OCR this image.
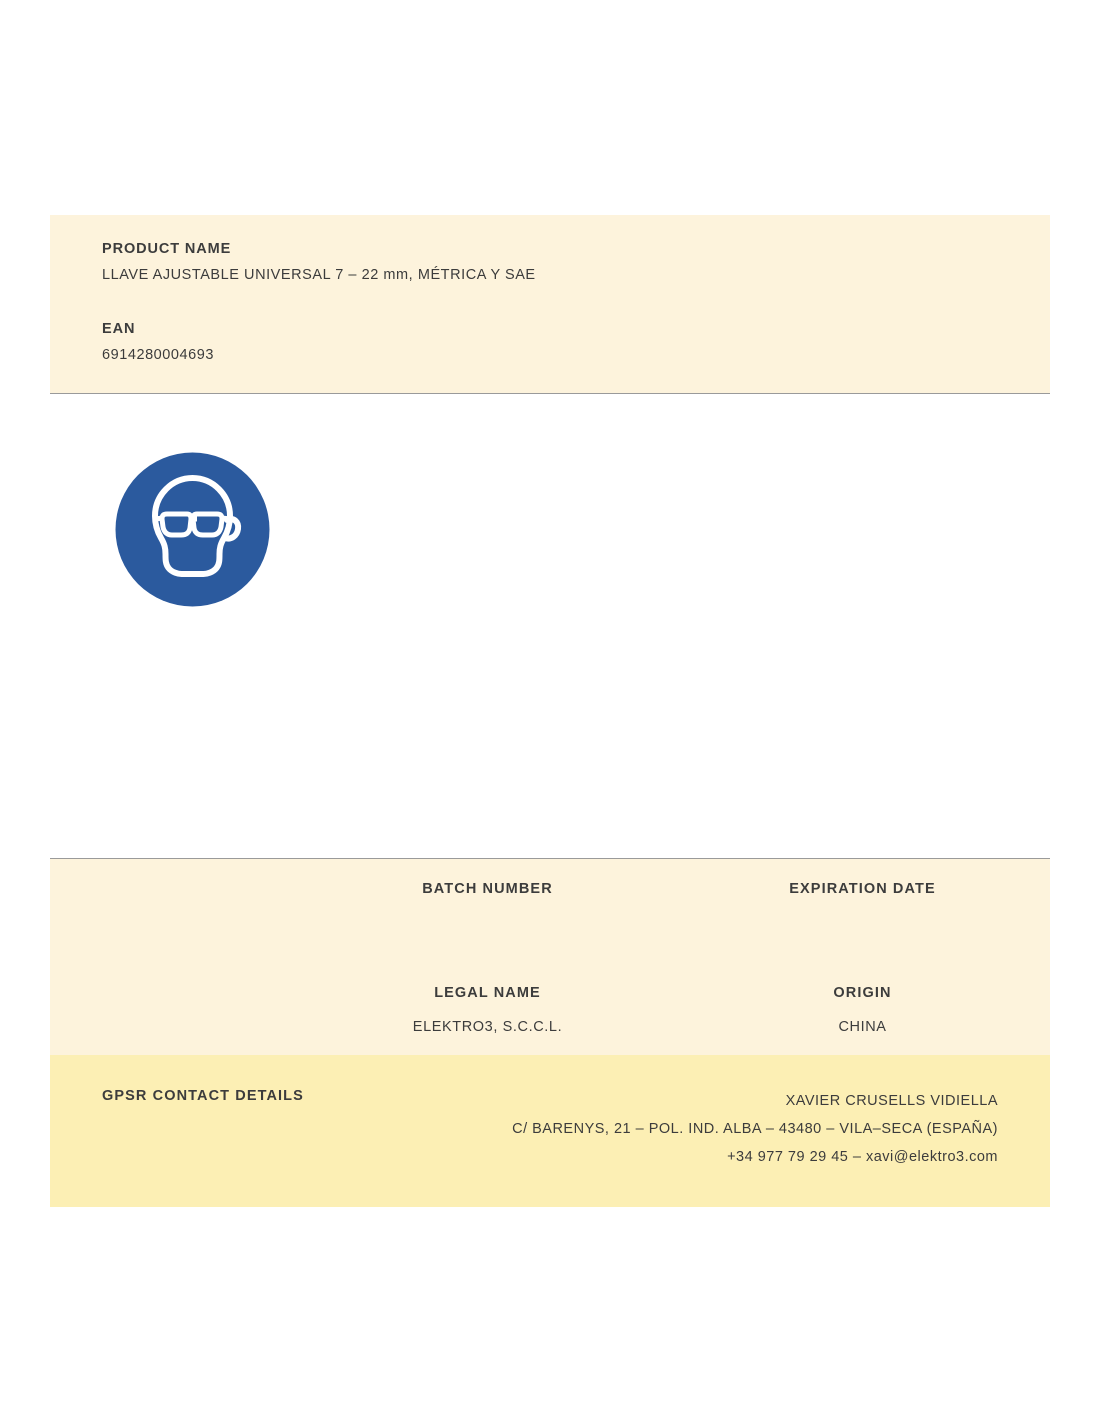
PRODUCT NAME

LLAVE AJUSTABLE UNIVERSAL 7 – 22 mm, MÉTRICA Y SAE

EAN

6914280004693

BATCH NUMBER	EXPIRATION DATE

LEGAL NAME

ELEKTRO3, S.C.C.L.

ORIGIN

CHINA

GPSR CONTACT DETAILS	XAVIER CRUSELLS VIDIELLA
C/ BARENYS, 21 – POL. IND. ALBA – 43480 – VILA–SECA (ESPAÑA)
+34 977 79 29 45 – xavi@elektro3.com
